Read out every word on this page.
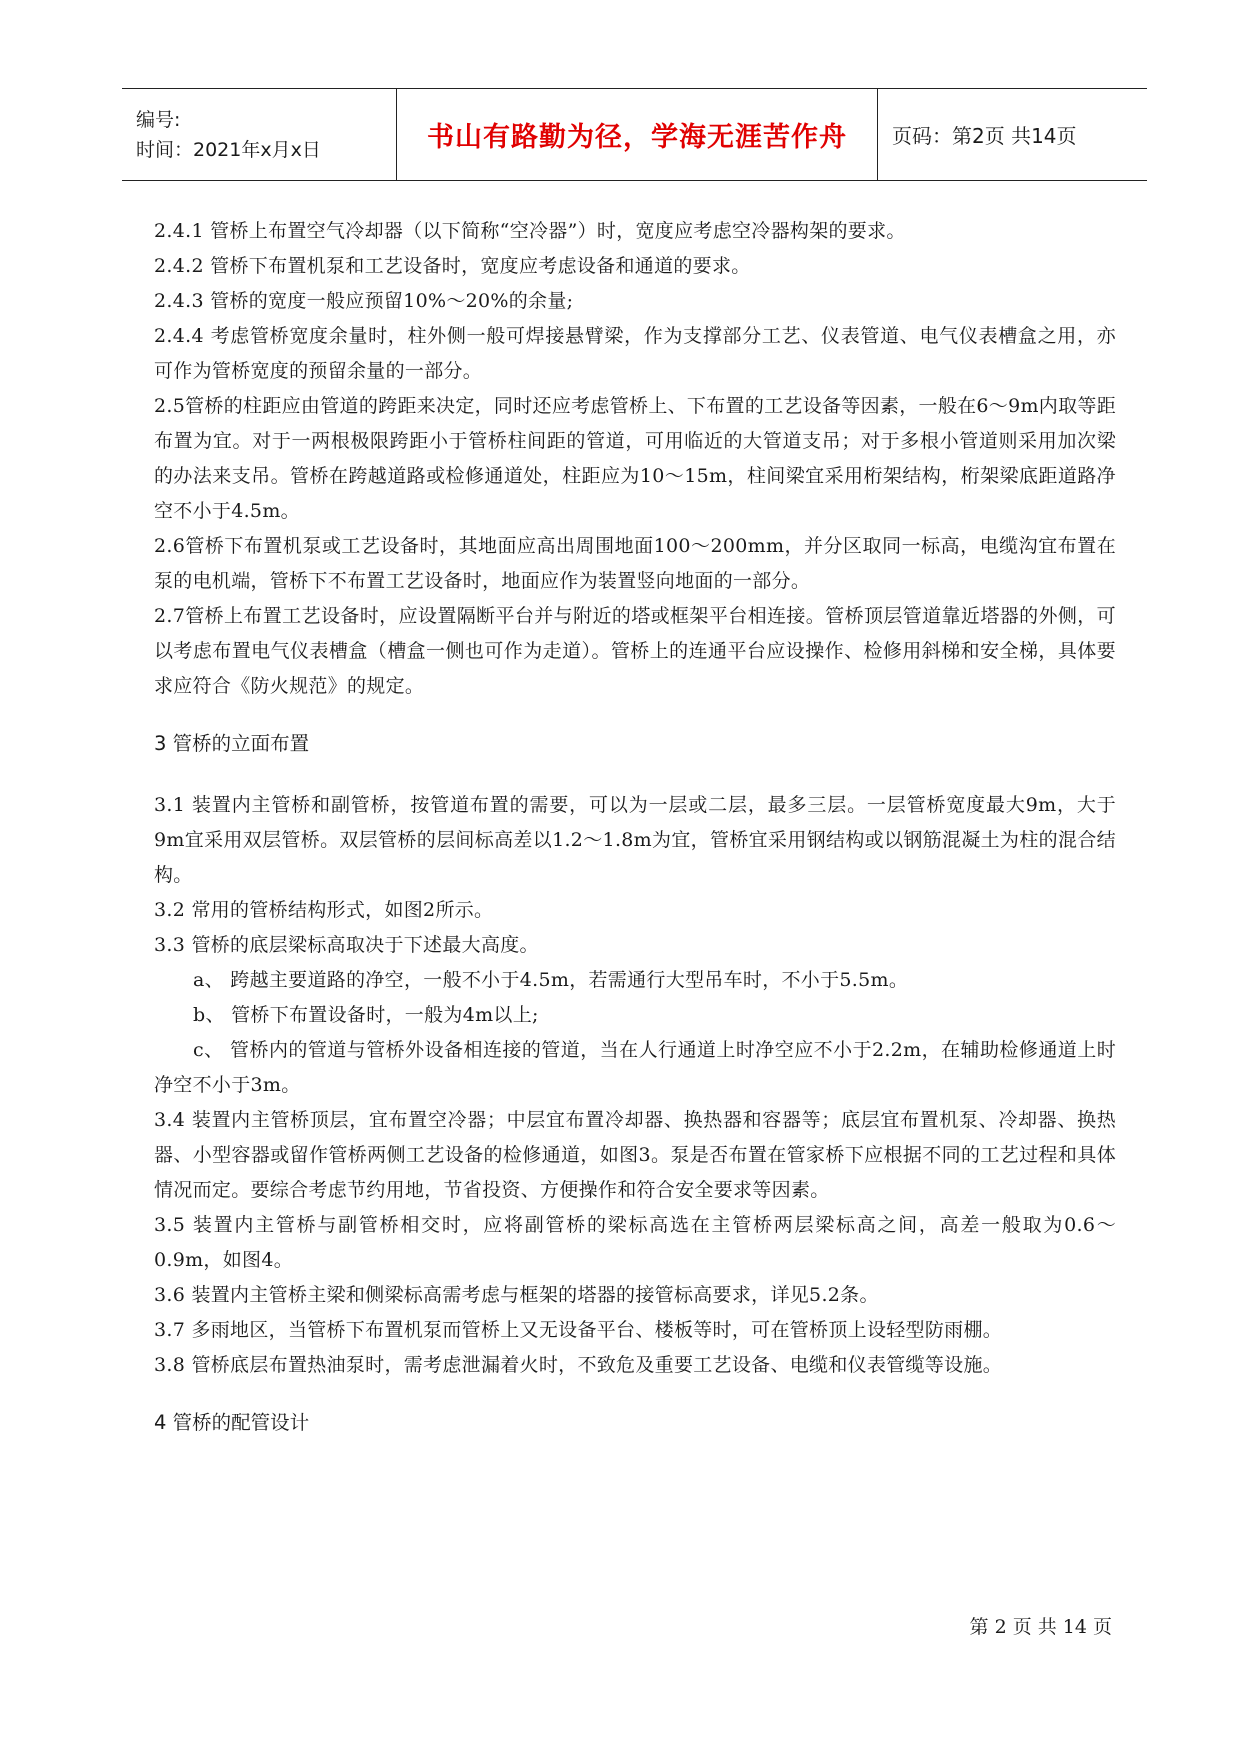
编号:
时间：2021年x月x日	书山有路勤为径，学海无涯苦作舟	页码：第2页 共14页

2.4.1 管桥上布置空气冷却器（以下简称“空冷器”）时，宽度应考虑空冷器构架的要求。

2.4.2 管桥下布置机泵和工艺设备时，宽度应考虑设备和通道的要求。

2.4.3 管桥的宽度一般应预留10%～20%的余量;

2.4.4 考虑管桥宽度余量时，柱外侧一般可焊接悬臂梁，作为支撑部分工艺、仪表管道、电气仪表槽盒之用，亦可作为管桥宽度的预留余量的一部分。

2.5管桥的柱距应由管道的跨距来决定，同时还应考虑管桥上、下布置的工艺设备等因素，一般在6～9m内取等距布置为宜。对于一两根极限跨距小于管桥柱间距的管道，可用临近的大管道支吊；对于多根小管道则采用加次梁的办法来支吊。管桥在跨越道路或检修通道处，柱距应为10～15m，柱间梁宜采用桁架结构，桁架梁底距道路净空不小于4.5m。

2.6管桥下布置机泵或工艺设备时，其地面应高出周围地面100～200mm，并分区取同一标高，电缆沟宜布置在泵的电机端，管桥下不布置工艺设备时，地面应作为装置竖向地面的一部分。

2.7管桥上布置工艺设备时，应设置隔断平台并与附近的塔或框架平台相连接。管桥顶层管道靠近塔器的外侧，可以考虑布置电气仪表槽盒（槽盒一侧也可作为走道）。管桥上的连通平台应设操作、检修用斜梯和安全梯，具体要求应符合《防火规范》的规定。

3 管桥的立面布置

3.1 装置内主管桥和副管桥，按管道布置的需要，可以为一层或二层，最多三层。一层管桥宽度最大9m，大于9m宜采用双层管桥。双层管桥的层间标高差以1.2～1.8m为宜，管桥宜采用钢结构或以钢筋混凝土为柱的混合结构。

3.2 常用的管桥结构形式，如图2所示。

3.3 管桥的底层梁标高取决于下述最大高度。

a、 跨越主要道路的净空，一般不小于4.5m，若需通行大型吊车时，不小于5.5m。

b、 管桥下布置设备时，一般为4m以上;

c、 管桥内的管道与管桥外设备相连接的管道，当在人行通道上时净空应不小于2.2m，在辅助检修通道上时净空不小于3m。

3.4 装置内主管桥顶层，宜布置空冷器；中层宜布置冷却器、换热器和容器等；底层宜布置机泵、冷却器、换热器、小型容器或留作管桥两侧工艺设备的检修通道，如图3。泵是否布置在管家桥下应根据不同的工艺过程和具体情况而定。要综合考虑节约用地，节省投资、方便操作和符合安全要求等因素。

3.5 装置内主管桥与副管桥相交时，应将副管桥的梁标高选在主管桥两层梁标高之间，高差一般取为0.6～0.9m，如图4。

3.6 装置内主管桥主梁和侧梁标高需考虑与框架的塔器的接管标高要求，详见5.2条。

3.7 多雨地区，当管桥下布置机泵而管桥上又无设备平台、楼板等时，可在管桥顶上设轻型防雨棚。

3.8 管桥底层布置热油泵时，需考虑泄漏着火时，不致危及重要工艺设备、电缆和仪表管缆等设施。

4 管桥的配管设计

第 2 页 共 14 页
